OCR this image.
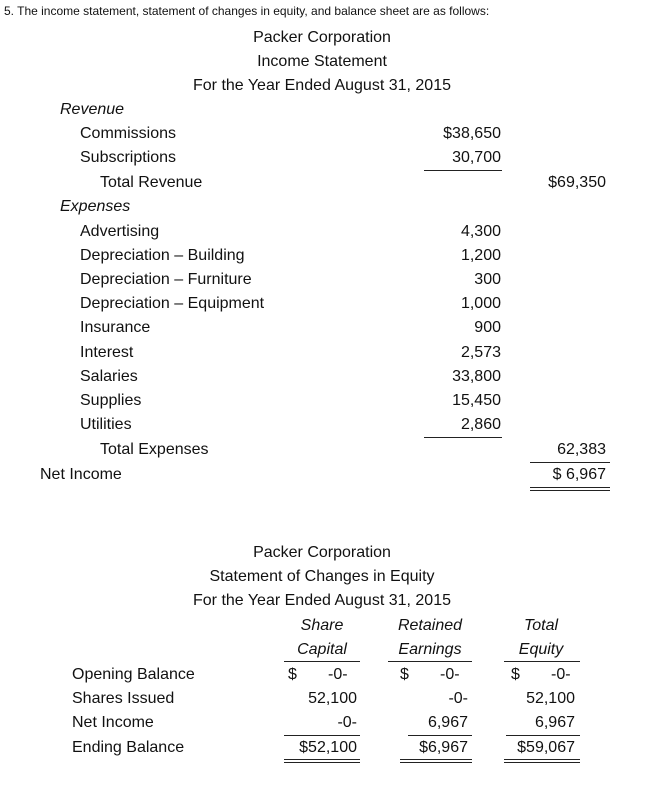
5. The income statement, statement of changes in equity, and balance sheet are as follows:
Packer Corporation
Income Statement
For the Year Ended August 31, 2015
Revenue
Commissions	$38,650
Subscriptions	30,700
Total Revenue	$69,350
Expenses
Advertising	4,300
Depreciation – Building	1,200
Depreciation – Furniture	300
Depreciation – Equipment	1,000
Insurance	900
Interest	2,573
Salaries	33,800
Supplies	15,450
Utilities	2,860
Total Expenses	62,383
Net Income	$ 6,967
Packer Corporation
Statement of Changes in Equity
For the Year Ended August 31, 2015
Share
Capital
Retained
Earnings
Total
Equity
Opening Balance	$       -0-	$       -0-	$       -0-
Shares Issued	52,100	-0-	52,100
Net Income	-0-	6,967	6,967
Ending Balance	$52,100	$6,967	$59,067
